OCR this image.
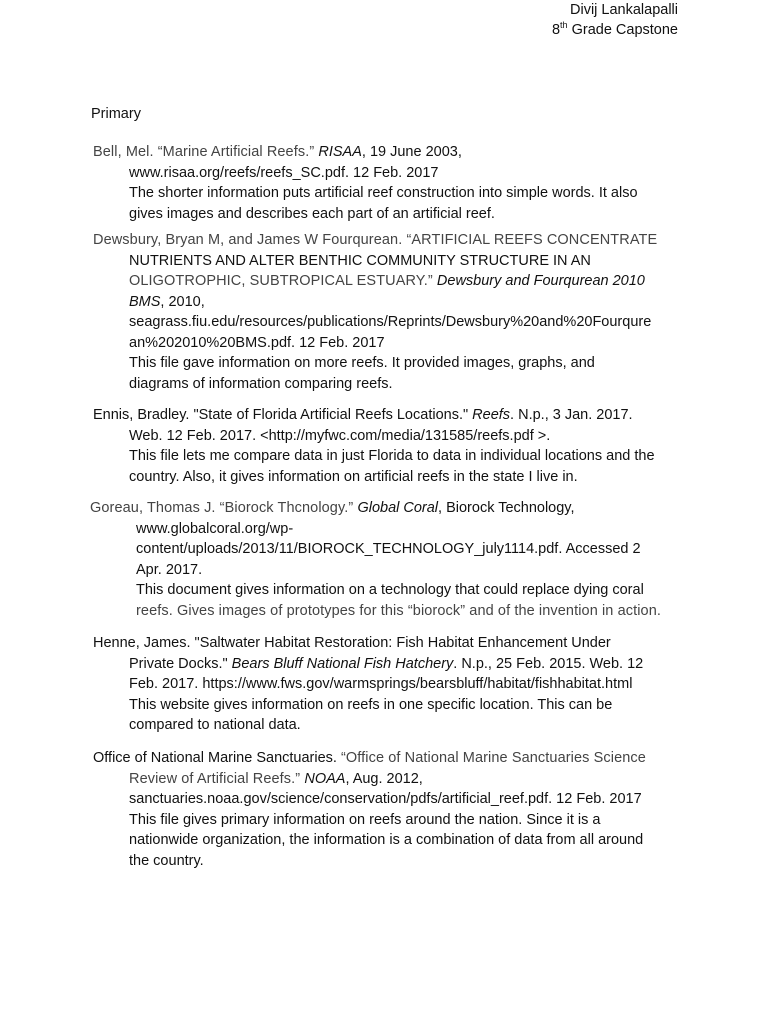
Divij Lankalapalli
8th Grade Capstone
Primary
Bell, Mel. “Marine Artificial Reefs.” RISAA, 19 June 2003,
www.risaa.org/reefs/reefs_SC.pdf. 12 Feb. 2017
The shorter information puts artificial reef construction into simple words. It also
gives images and describes each part of an artificial reef.
Dewsbury, Bryan M, and James W Fourqurean. “ARTIFICIAL REEFS CONCENTRATE
NUTRIENTS AND ALTER BENTHIC COMMUNITY STRUCTURE IN AN
OLIGOTROPHIC, SUBTROPICAL ESTUARY.” Dewsbury and Fourqurean 2010
BMS, 2010,
seagrass.fiu.edu/resources/publications/Reprints/Dewsbury%20and%20Fourqure
an%202010%20BMS.pdf. 12 Feb. 2017
This file gave information on more reefs. It provided images, graphs, and
diagrams of information comparing reefs.
Ennis, Bradley. "State of Florida Artificial Reefs Locations." Reefs. N.p., 3 Jan. 2017.
Web. 12 Feb. 2017. <http://myfwc.com/media/131585/reefs.pdf >.
This file lets me compare data in just Florida to data in individual locations and the
country. Also, it gives information on artificial reefs in the state I live in.
Goreau, Thomas J. “Biorock Thcnology.” Global Coral, Biorock Technology,
www.globalcoral.org/wp-
content/uploads/2013/11/BIOROCK_TECHNOLOGY_july1114.pdf. Accessed 2
Apr. 2017.
This document gives information on a technology that could replace dying coral
reefs. Gives images of prototypes for this “biorock” and of the invention in action.
Henne, James. "Saltwater Habitat Restoration: Fish Habitat Enhancement Under
Private Docks." Bears Bluff National Fish Hatchery. N.p., 25 Feb. 2015. Web. 12
Feb. 2017. https://www.fws.gov/warmsprings/bearsbluff/habitat/fishhabitat.html
This website gives information on reefs in one specific location. This can be
compared to national data.
Office of National Marine Sanctuaries. “Office of National Marine Sanctuaries Science
Review of Artificial Reefs.” NOAA, Aug. 2012,
sanctuaries.noaa.gov/science/conservation/pdfs/artificial_reef.pdf. 12 Feb. 2017
This file gives primary information on reefs around the nation. Since it is a
nationwide organization, the information is a combination of data from all around
the country.
